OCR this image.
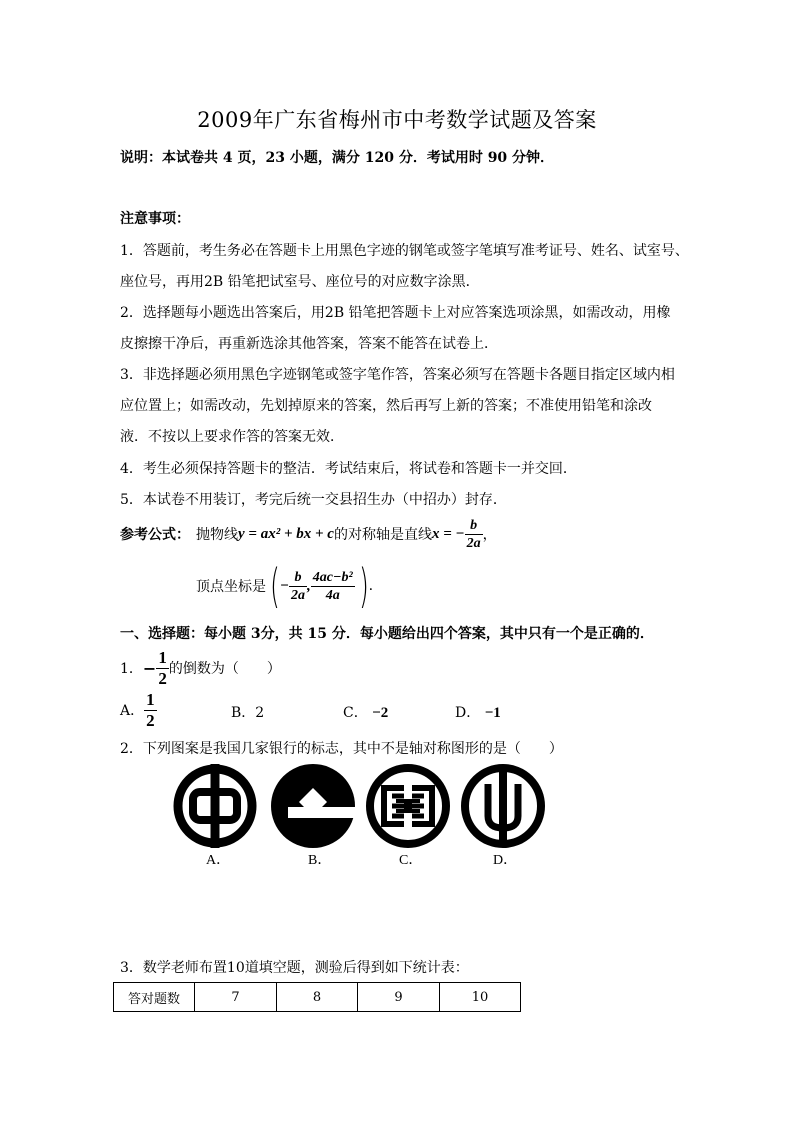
2009年广东省梅州市中考数学试题及答案
说明：本试卷共 4 页，23 小题，满分 120 分．考试用时 90 分钟．
注意事项：
1．答题前，考生务必在答题卡上用黑色字迹的钢笔或签字笔填写准考证号、姓名、试室号、
座位号，再用2B 铅笔把试室号、座位号的对应数字涂黑．
2．选择题每小题选出答案后，用2B 铅笔把答题卡上对应答案选项涂黑，如需改动，用橡
皮擦擦干净后，再重新选涂其他答案，答案不能答在试卷上．
3．非选择题必须用黑色字迹钢笔或签字笔作答，答案必须写在答题卡各题目指定区域内相
应位置上；如需改动，先划掉原来的答案，然后再写上新的答案；不准使用铅笔和涂改
液．不按以上要求作答的答案无效．
4．考生必须保持答题卡的整洁．考试结束后，将试卷和答题卡一并交回．
5．本试卷不用装订，考完后统一交县招生办（中招办）封存．
参考公式： 抛物线 y = ax² + bx + c 的对称轴是直线 x = − $\frac{b}{2a}$ ，
顶点坐标是 ( − $\frac{b}{2a}$ , $\frac{\text{4ac−b²}}{4a}$ ) .
一、选择题：每小题 3分，共 15 分．每小题给出四个答案，其中只有一个是正确的．
1． − $\frac{1}{2}$ 的倒数为（　　）
A． $\frac{1}{2}$	B．2	C． −2	D． −1
2．下列图案是我国几家银行的标志，其中不是轴对称图形的是（　　）
A．	B．	C．	D．
3．数学老师布置10道填空题，测验后得到如下统计表：
答对题数	7	8	9	10
